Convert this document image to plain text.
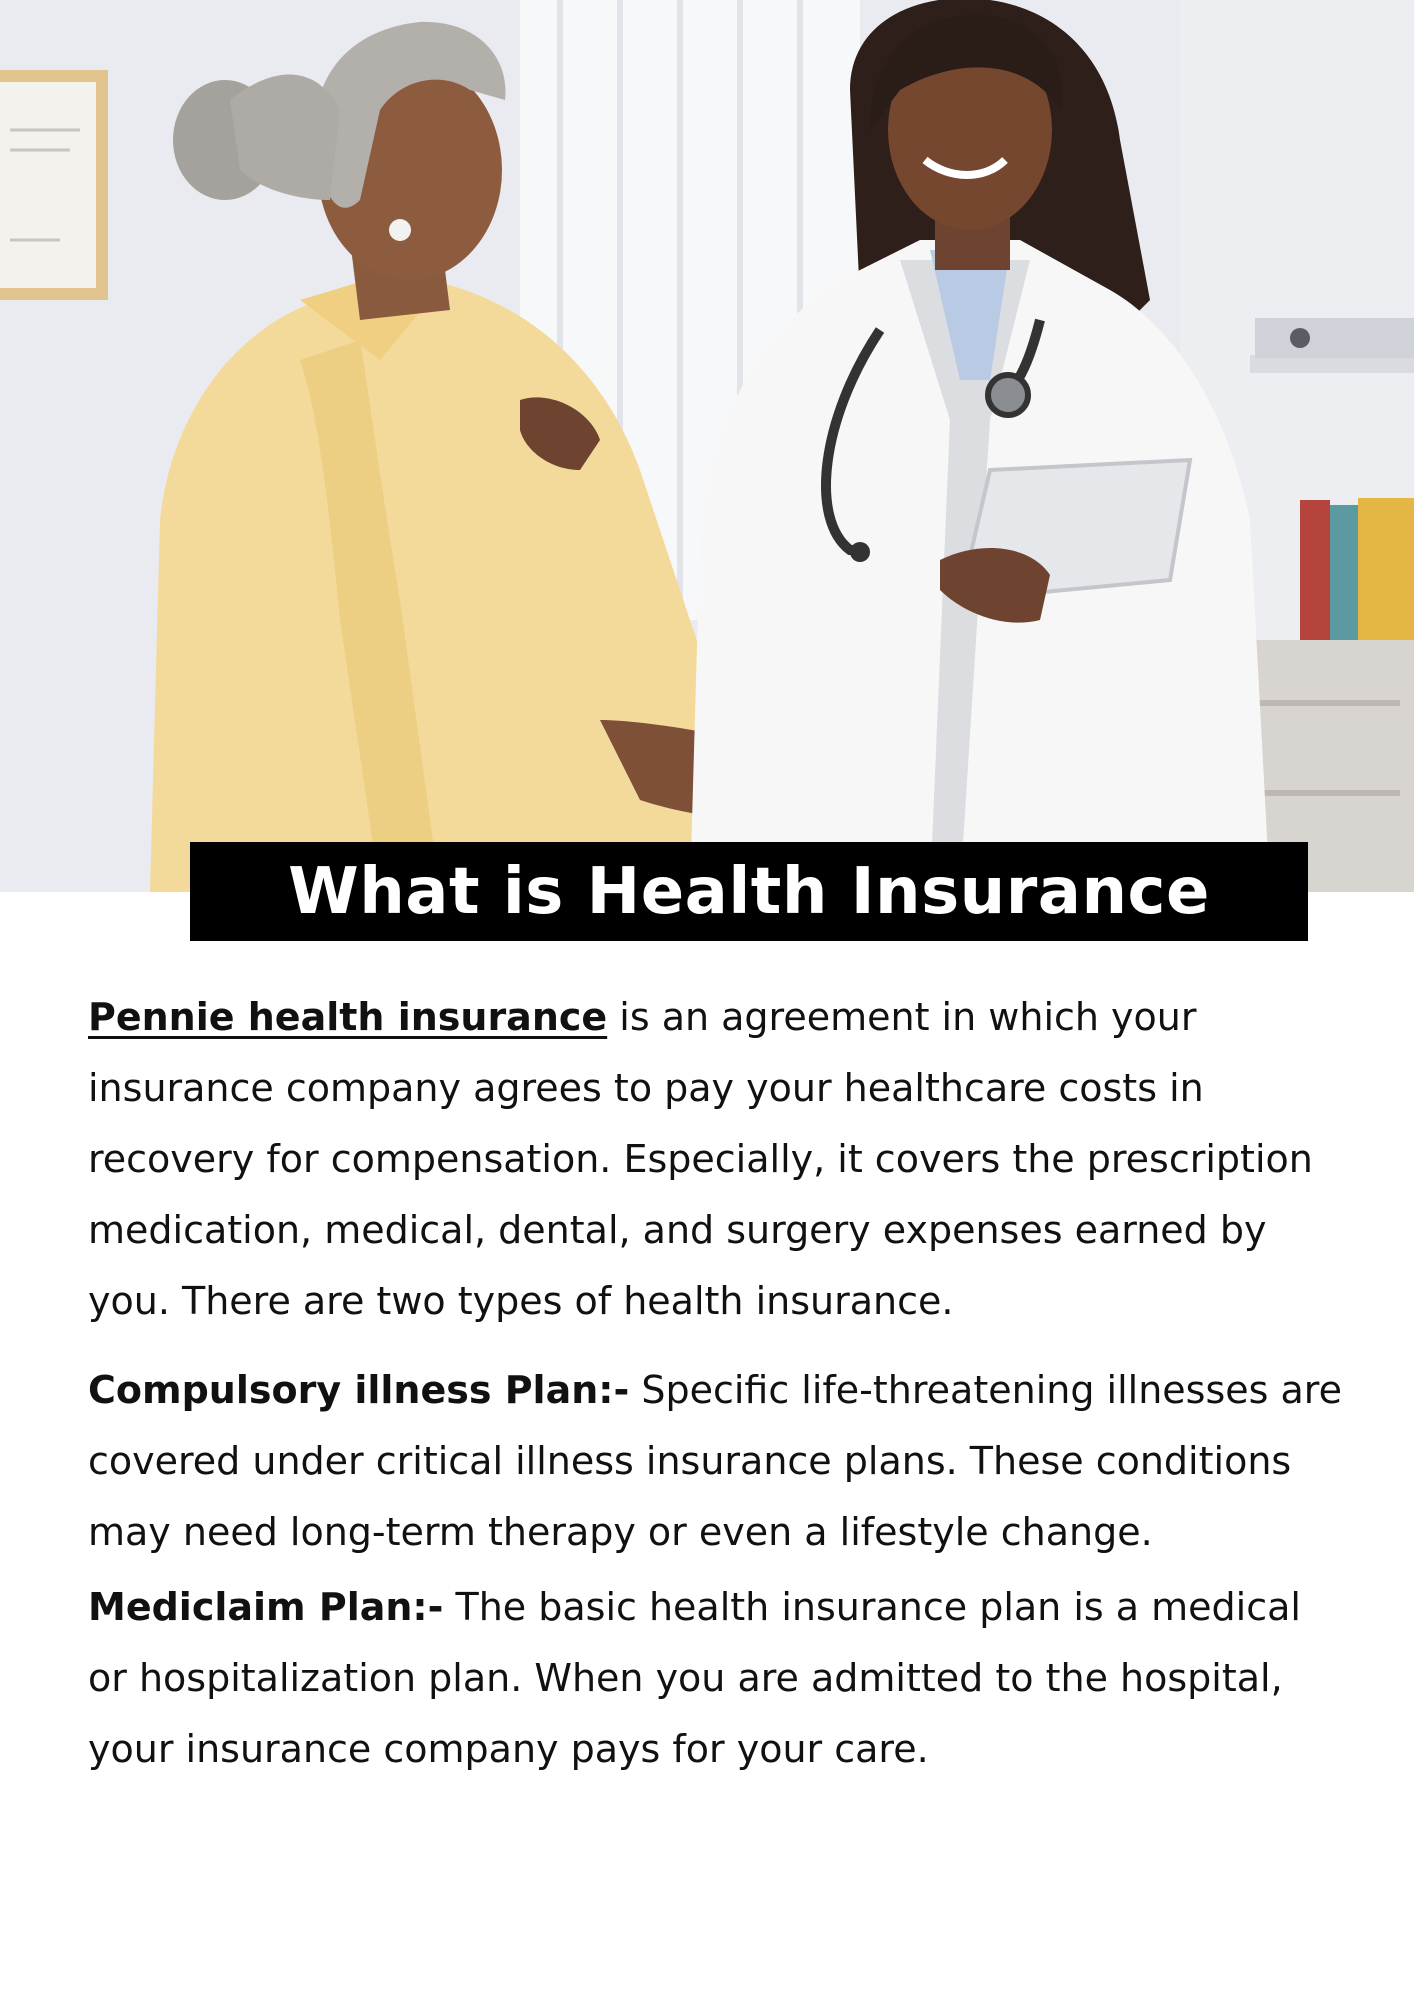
What is Health Insurance

Pennie health insurance is an agreement in which your insurance company agrees to pay your healthcare costs in recovery for compensation. Especially, it covers the prescription medication, medical, dental, and surgery expenses earned by you. There are two types of health insurance.

Compulsory illness Plan:- Specific life-threatening illnesses are covered under critical illness insurance plans. These conditions may need long-term therapy or even a lifestyle change.

Mediclaim Plan:- The basic health insurance plan is a medical or hospitalization plan. When you are admitted to the hospital, your insurance company pays for your care.
